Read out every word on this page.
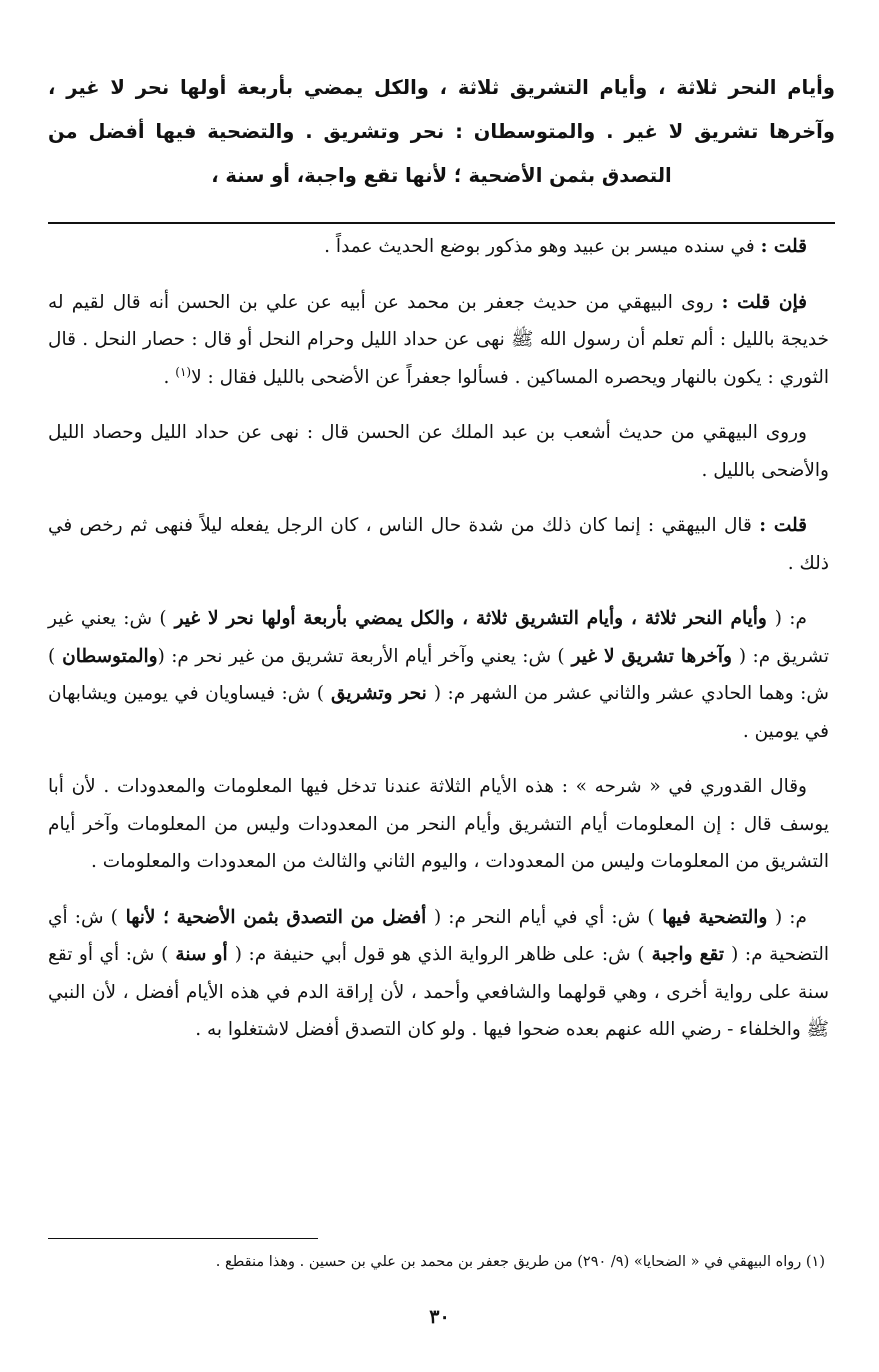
وأيام النحر ثلاثة ، وأيام التشريق ثلاثة ، والكل يمضي بأربعة أولها نحر لا غير ، وآخرها تشريق لا غير . والمتوسطان : نحر وتشريق . والتضحية فيها أفضل من التصدق بثمن الأضحية ؛ لأنها تقع واجبة، أو سنة ،

قلت : في سنده ميسر بن عبيد وهو مذكور بوضع الحديث عمداً .

فإن قلت : روى البيهقي من حديث جعفر بن محمد عن أبيه عن علي بن الحسن أنه قال لقيم له خديجة بالليل : ألم تعلم أن رسول الله ﷺ نهى عن حداد الليل وحرام النحل أو قال : حصار النحل . قال الثوري : يكون بالنهار ويحصره المساكين . فسألوا جعفراً عن الأضحى بالليل فقال : لا$^{(١)}$ .

وروى البيهقي من حديث أشعب بن عبد الملك عن الحسن قال : نهى عن حداد الليل وحصاد الليل والأضحى بالليل .

قلت : قال البيهقي : إنما كان ذلك من شدة حال الناس ، كان الرجل يفعله ليلاً فنهى ثم رخص في ذلك .

م: ( وأيام النحر ثلاثة ، وأيام التشريق ثلاثة ، والكل يمضي بأربعة أولها نحر لا غير ) ش: يعني غير تشريق م: ( وآخرها تشريق لا غير ) ش: يعني وآخر أيام الأربعة تشريق من غير نحر م: (والمتوسطان ) ش: وهما الحادي عشر والثاني عشر من الشهر م: ( نحر وتشريق ) ش: فيساويان في يومين ويشابهان في يومين .

وقال القدوري في « شرحه » : هذه الأيام الثلاثة عندنا تدخل فيها المعلومات والمعدودات . لأن أبا يوسف قال : إن المعلومات أيام التشريق وأيام النحر من المعدودات وليس من المعلومات وآخر أيام التشريق من المعلومات وليس من المعدودات ، واليوم الثاني والثالث من المعدودات والمعلومات .

م: ( والتضحية فيها ) ش: أي في أيام النحر م: ( أفضل من التصدق بثمن الأضحية ؛ لأنها ) ش: أي التضحية م: ( تقع واجبة ) ش: على ظاهر الرواية الذي هو قول أبي حنيفة م: ( أو سنة ) ش: أي أو تقع سنة على رواية أخرى ، وهي قولهما والشافعي وأحمد ، لأن إراقة الدم في هذه الأيام أفضل ، لأن النبي ﷺ والخلفاء - رضي الله عنهم بعده ضحوا فيها . ولو كان التصدق أفضل لاشتغلوا به .

(١) رواه البيهقي في « الضحايا» (٩/ ٢٩٠) من طريق جعفر بن محمد بن علي بن حسين . وهذا منقطع .
٣٠
